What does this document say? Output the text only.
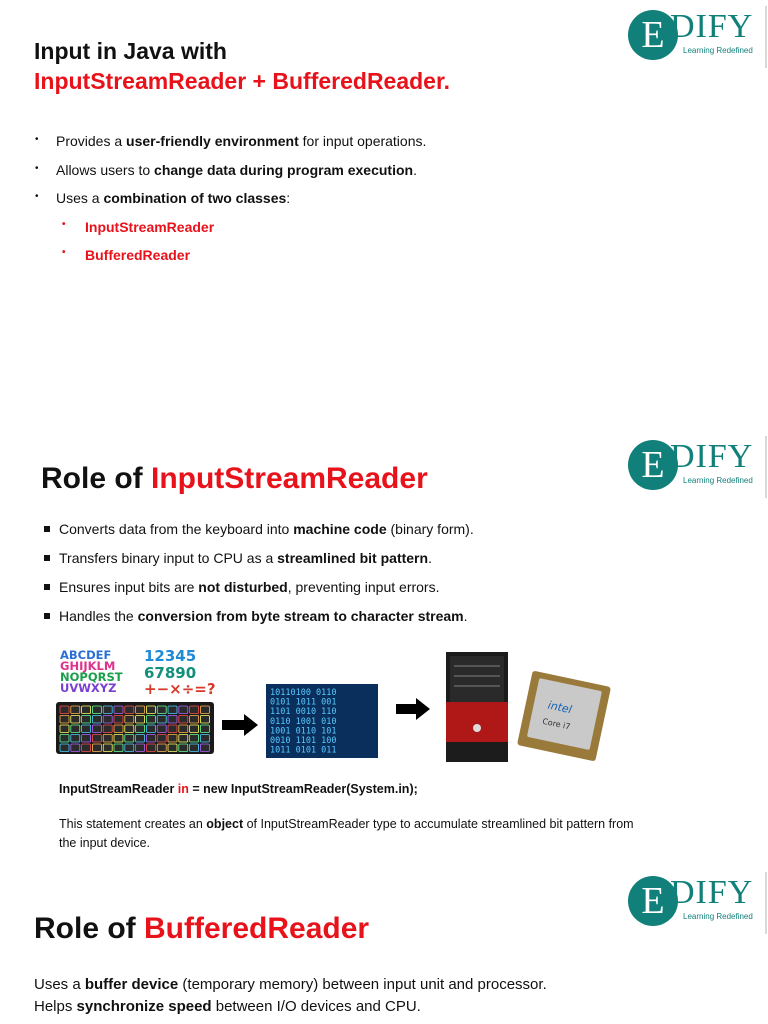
E DIFY
Learning Redefined
Input in Java with
InputStreamReader + BufferedReader.
• Provides a user-friendly environment for input operations.
• Allows users to change data during program execution.
• Uses a combination of two classes:
• InputStreamReader
• BufferedReader
E DIFY
Learning Redefined
Role of InputStreamReader
Converts data from the keyboard into machine code (binary form).
Transfers binary input to CPU as a streamlined bit pattern.
Ensures input bits are not disturbed, preventing input errors.
Handles the conversion from byte stream to character stream.
ABCDEF
GHIJKLM
NOPQRST
UVWXYZ
12345
67890
+−×÷=?	10110100 0110
0101 1011 001
1101 0010 110
0110 1001 010
1001 0110 101
0010 1101 100
1011 0101 011
intel
Core i7
InputStreamReader in = new InputStreamReader(System.in);
This statement creates an object of InputStreamReader type to accumulate streamlined bit pattern from the input device.
E DIFY
Learning Redefined
Role of BufferedReader
Uses a buffer device (temporary memory) between input unit and processor.
Helps synchronize speed between I/O devices and CPU.
